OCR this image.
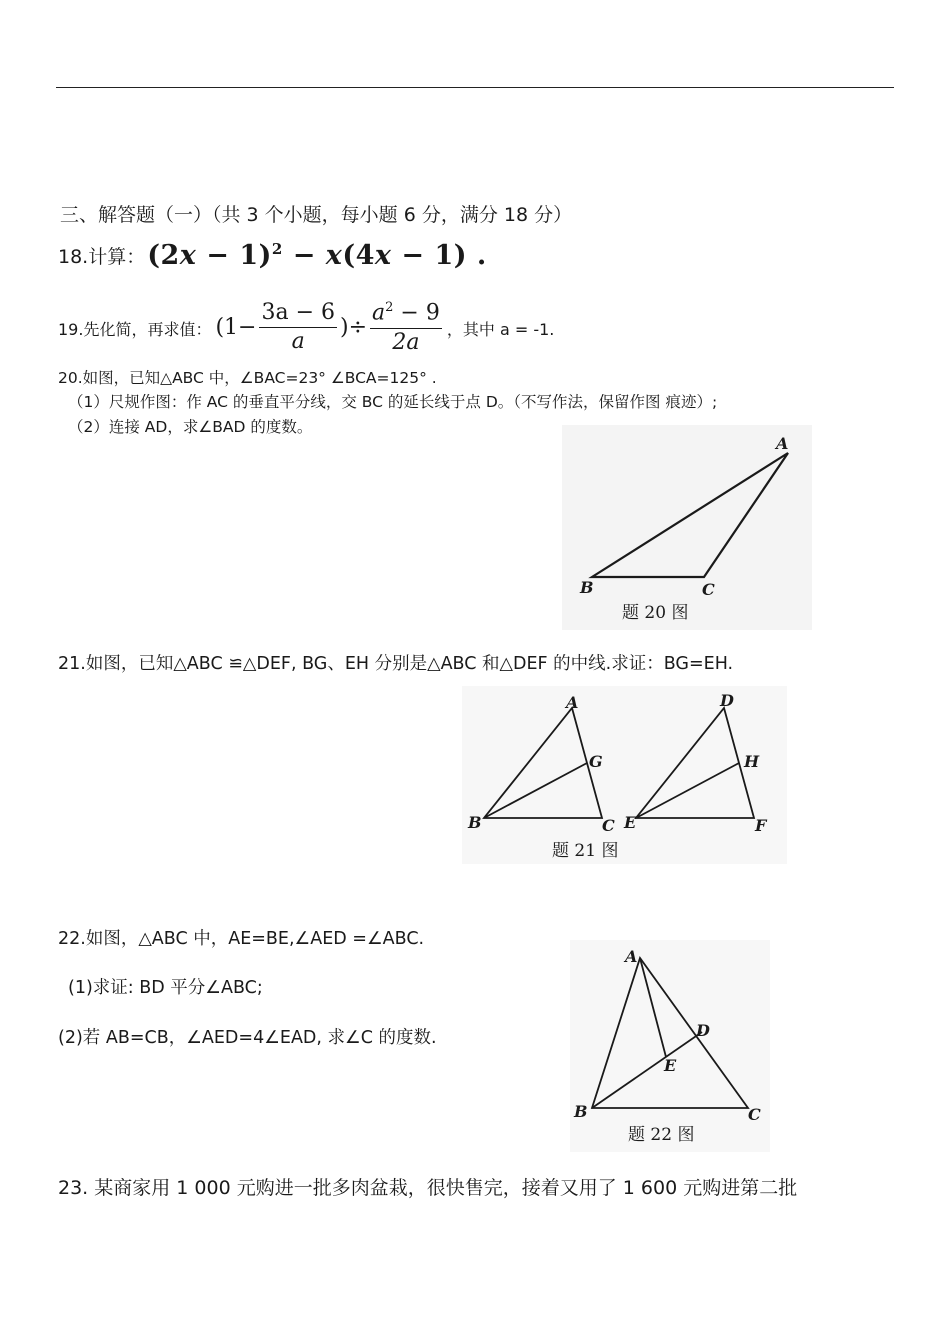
三、解答题（一）（共 3 个小题，每小题 6 分，满分 18 分）
18.计算： $(2x - 1)^2 - x(4x - 1)$ .
19.先化简，再求值： ($1- \frac{3a - 6}{a}$ )÷ $\frac{a^2 - 9}{2a}$ ，其中 a = -1.
20.如图，已知△ABC 中，∠BAC=23° ∠BCA=125° .
（1）尺规作图：作 AC 的垂直平分线，交 BC 的延长线于点 D。（不写作法，保留作图 痕迹）;
（2）连接 AD，求∠BAD 的度数。
A
B	C
题 20 图
21.如图，已知△ABC ≌△DEF, BG、EH 分别是△ABC 和△DEF 的中线.求证：BG=EH.
A
B	C
G
D
E	F
H
题 21 图
22.如图，△ABC 中，AE=BE,∠AED =∠ABC.
(1)求证: BD 平分∠ABC;
(2)若 AB=CB，∠AED=4∠EAD, 求∠C 的度数.
A
B	C
D
E
题 22 图
23. 某商家用 1 000 元购进一批多肉盆栽，很快售完，接着又用了 1 600 元购进第二批
